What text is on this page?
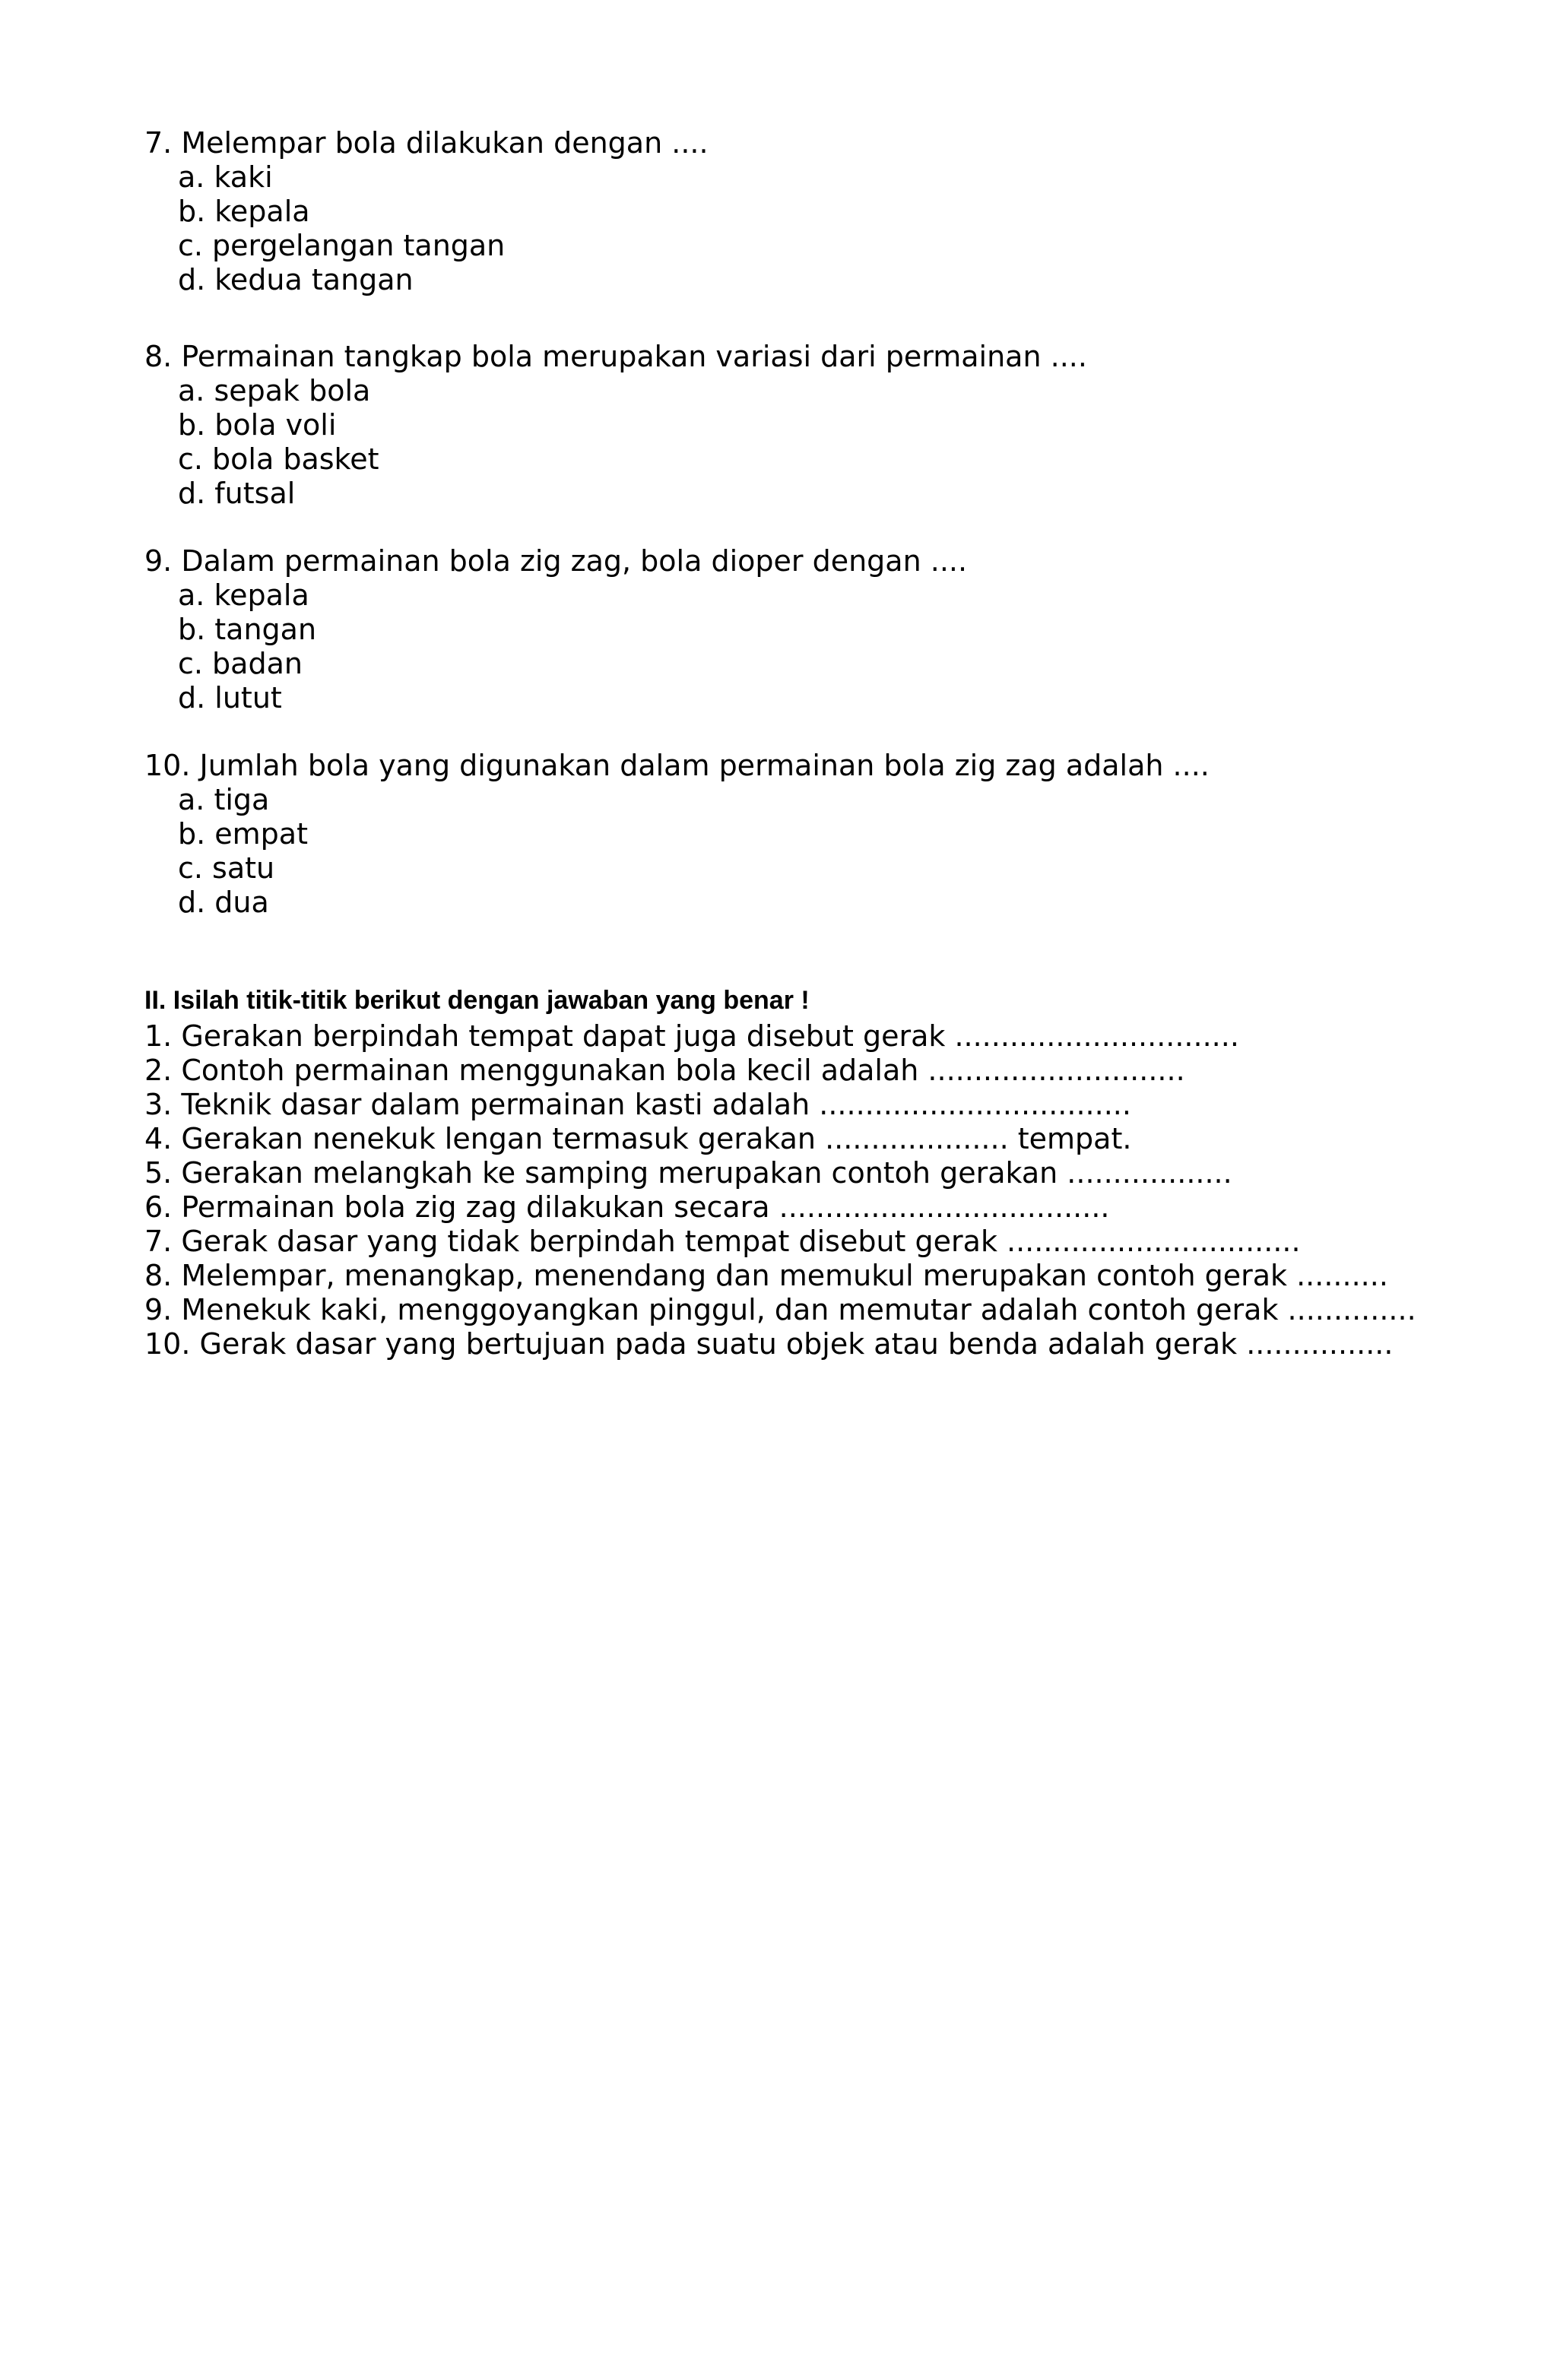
7. Melempar bola dilakukan dengan ....
a. kaki
b. kepala
c. pergelangan tangan
d. kedua tangan
8. Permainan tangkap bola merupakan variasi dari permainan ....
a. sepak bola
b. bola voli
c. bola basket
d. futsal
9. Dalam permainan bola zig zag, bola dioper dengan ....
a. kepala
b. tangan
c. badan
d. lutut
10. Jumlah bola yang digunakan dalam permainan bola zig zag adalah ....
a. tiga
b. empat
c. satu
d. dua
II. Isilah titik-titik berikut dengan jawaban yang benar !
1. Gerakan berpindah tempat dapat juga disebut gerak ...............................
2. Contoh permainan menggunakan bola kecil adalah ............................
3. Teknik dasar dalam permainan kasti adalah ..................................
4. Gerakan nenekuk lengan termasuk gerakan .................... tempat.
5. Gerakan melangkah ke samping merupakan contoh gerakan ..................
6. Permainan bola zig zag dilakukan secara ....................................
7. Gerak dasar yang tidak berpindah tempat disebut gerak ................................
8. Melempar, menangkap, menendang dan memukul merupakan contoh gerak ..........
9. Menekuk kaki, menggoyangkan pinggul, dan memutar adalah contoh gerak ..............
10. Gerak dasar yang bertujuan pada suatu objek atau benda adalah gerak ................
